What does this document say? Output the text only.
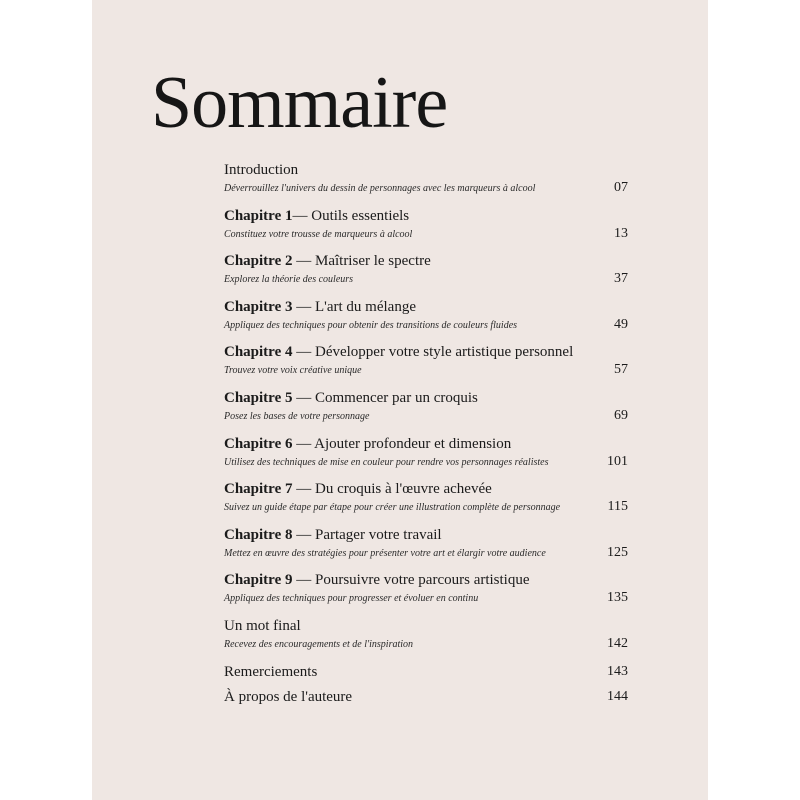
Sommaire
Introduction
Déverrouillez l'univers du dessin de personnages avec les marqueurs à alcool	07
Chapitre 1— Outils essentiels
Constituez votre trousse de marqueurs à alcool	13
Chapitre 2 — Maîtriser le spectre
Explorez la théorie des couleurs	37
Chapitre 3 — L'art du mélange
Appliquez des techniques pour obtenir des transitions de couleurs fluides	49
Chapitre 4 — Développer votre style artistique personnel
Trouvez votre voix créative unique	57
Chapitre 5 — Commencer par un croquis
Posez les bases de votre personnage	69
Chapitre 6 — Ajouter profondeur et dimension
Utilisez des techniques de mise en couleur pour rendre vos personnages réalistes	101
Chapitre 7 — Du croquis à l'œuvre achevée
Suivez un guide étape par étape pour créer une illustration complète de personnage	115
Chapitre 8 — Partager votre travail
Mettez en œuvre des stratégies pour présenter votre art et élargir votre audience	125
Chapitre 9 — Poursuivre votre parcours artistique
Appliquez des techniques pour progresser et évoluer en continu	135
Un mot final
Recevez des encouragements et de l'inspiration	142
Remerciements	143
À propos de l'auteure	144
